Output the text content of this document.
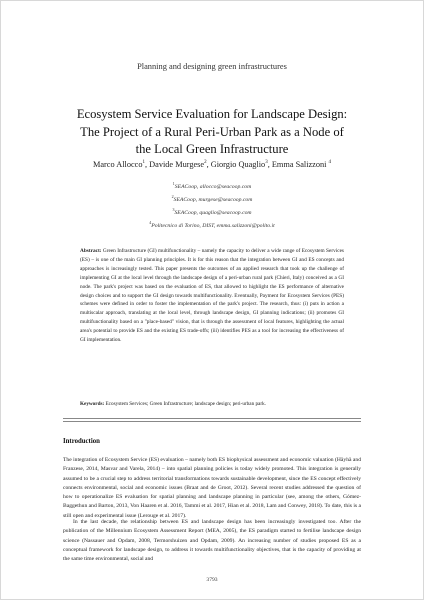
Planning and designing green infrastructures
Ecosystem Service Evaluation for Landscape Design:
The Project of a Rural Peri-Urban Park as a Node of
the Local Green Infrastructure
Marco Allocco$^1$, Davide Murgese$^2$, Giorgio Quaglio$^3$, Emma Salizzoni $^4$
$^1$SEACoop, allocco@seacoop.com
$^2$SEACoop, murgese@seacoop.com
$^3$SEACoop, quaglio@seacoop.com
$^4$Politecnico di Torino, DIST, emma.salizzoni@polito.it

Abstract: Green Infrastructure (GI) multifunctionality – namely the capacity to deliver a wide range of Ecosystem Services (ES) – is one of the main GI planning principles. It is for this reason that the integration between GI and ES concepts and approaches is increasingly tested. This paper presents the outcomes of an applied research that took up the challenge of implementing GI at the local level through the landscape design of a peri-urban rural park (Chieri, Italy) conceived as a GI node. The park's project was based on the evaluation of ES, that allowed to highlight the ES performance of alternative design choices and to support the GI design towards multifunctionality. Eventually, Payment for Ecosystem Services (PES) schemes were defined in order to foster the implementation of the park's project. The research, thus: (i) puts in action a multiscalar approach, translating at the local level, through landscape design, GI planning indications; (ii) promotes GI multifunctionality based on a "place-based" vision, that is through the assessment of local features, highlighting the actual area's potential to provide ES and the existing ES trade-offs; (iii) identifies PES as a tool for increasing the effectiveness of GI implementation.

Keywords: Ecosystem Services; Green Infrastructure; landscape design; peri-urban park.

Introduction

The integration of Ecosystem Service (ES) evaluation – namely both ES biophysical assessment and economic valuation (Häyhä and Franzese, 2014, Masvar and Varela, 2014) – into spatial planning policies is today widely promoted. This integration is generally assumed to be a crucial step to address territorial transformations towards sustainable development, since the ES concept effectively connects environmental, social and economic issues (Braat and de Groot, 2012). Several recent studies addressed the question of how to operationalize ES evaluation for spatial planning and landscape planning in particular (see, among the others, Gómez-Baggethun and Barton, 2013, Von Haaren et al. 2016, Tammi et al. 2017, Hian et al. 2018, Lam and Conwey, 2018). To date, this is a still open and experimental issue (Lerouge et al. 2017).

In the last decade, the relationship between ES and landscape design has been increasingly investigated too. After the publication of the Millennium Ecosystem Assessment Report (MEA, 2005), the ES paradigm started to fertilise landscape design science (Nassauer and Opdam, 2008, Termorshuizen and Opdam, 2009). An increasing number of studies proposed ES as a conceptual framework for landscape design, to address it towards multifunctionality objectives, that is the capacity of providing at the same time environmental, social and

3793
